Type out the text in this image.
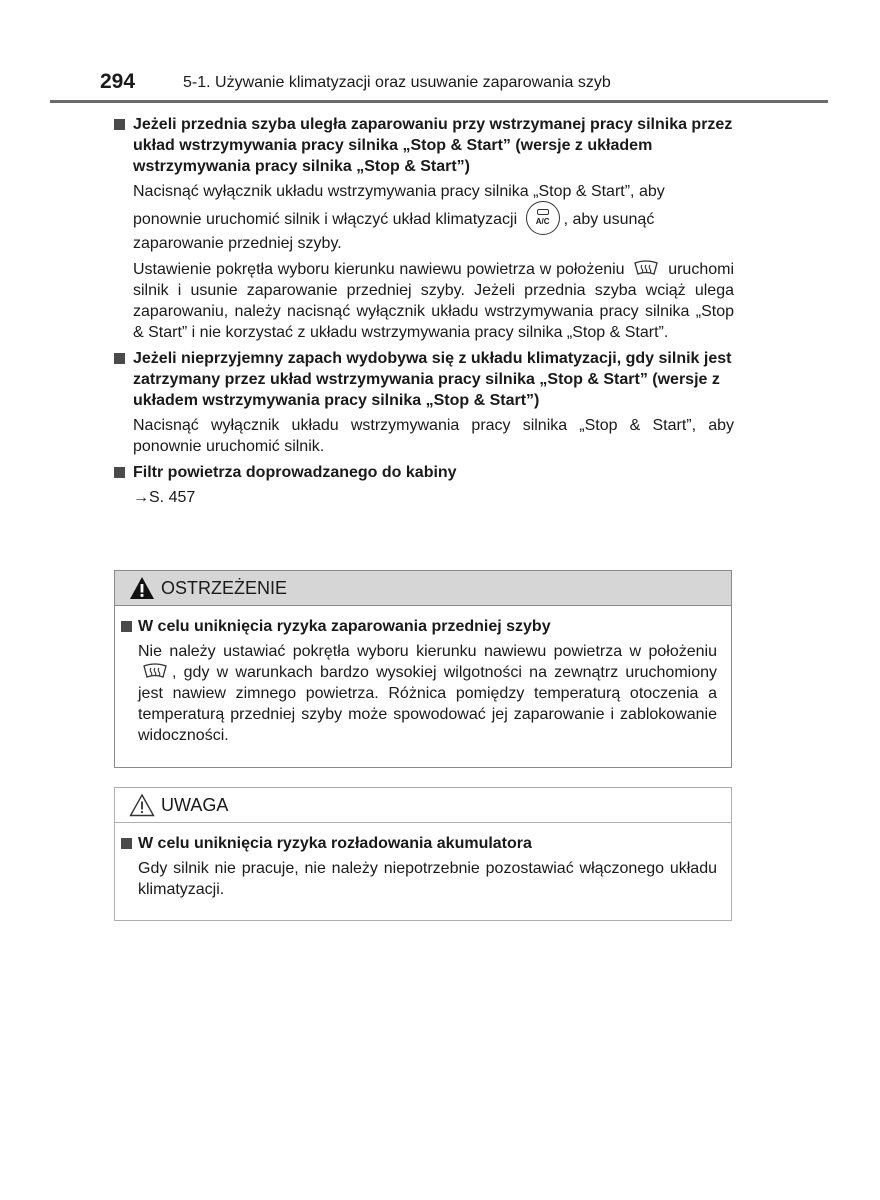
294	5-1. Używanie klimatyzacji oraz usuwanie zaparowania szyb
Jeżeli przednia szyba uległa zaparowaniu przy wstrzymanej pracy silnika przez układ wstrzymywania pracy silnika „Stop & Start” (wersje z układem wstrzymywania pracy silnika „Stop & Start”)
Nacisnąć wyłącznik układu wstrzymywania pracy silnika „Stop & Start”, aby
ponownie uruchomić silnik i włączyć układ klimatyzacji A/C , aby usunąć
zaparowanie przedniej szyby.
Ustawienie pokrętła wyboru kierunku nawiewu powietrza w położeniu	uruchomi silnik i usunie zaparowanie przedniej szyby. Jeżeli przednia szyba wciąż ulega zaparowaniu, należy nacisnąć wyłącznik układu wstrzymywania pracy silnika „Stop & Start” i nie korzystać z układu wstrzymywania pracy silnika „Stop & Start”.
Jeżeli nieprzyjemny zapach wydobywa się z układu klimatyzacji, gdy silnik jest zatrzymany przez układ wstrzymywania pracy silnika „Stop & Start” (wersje z układem wstrzymywania pracy silnika „Stop & Start”)
Nacisnąć wyłącznik układu wstrzymywania pracy silnika „Stop & Start”, aby ponownie uruchomić silnik.
Filtr powietrza doprowadzanego do kabiny
→S. 457
OSTRZEŻENIE
W celu uniknięcia ryzyka zaparowania przedniej szyby
Nie należy ustawiać pokrętła wyboru kierunku nawiewu powietrza w położeniu , gdy w warunkach bardzo wysokiej wilgotności na zewnątrz uruchomiony jest nawiew zimnego powietrza. Różnica pomiędzy temperaturą otoczenia a temperaturą przedniej szyby może spowodować jej zaparowanie i zablokowanie widoczności.
UWAGA
W celu uniknięcia ryzyka rozładowania akumulatora
Gdy silnik nie pracuje, nie należy niepotrzebnie pozostawiać włączonego układu klimatyzacji.
